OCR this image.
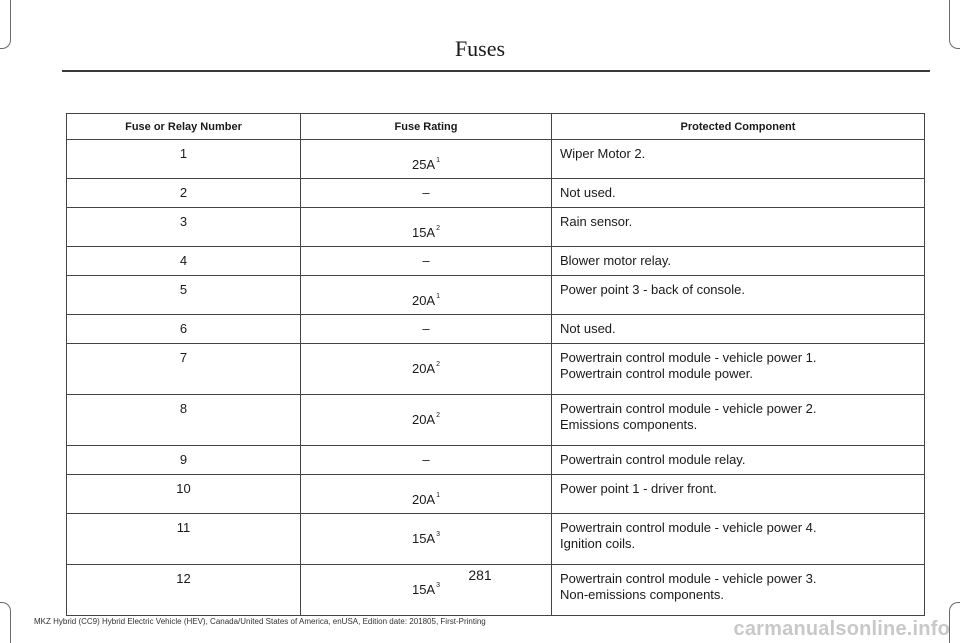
Fuses
Fuse or Relay Number	Fuse Rating	Protected Component
1	$25A^1$	Wiper Motor 2.

2	–	Not used.

3	$15A^2$	Rain sensor.

4	–	Blower motor relay.

5	$20A^1$	Power point 3 - back of console.

6	–	Not used.

7	$20A^2$	Powertrain control module - vehicle power 1.
Powertrain control module power.

8	$20A^2$	Powertrain control module - vehicle power 2.
Emissions components.

9	–	Powertrain control module relay.

10	$20A^1$	Power point 1 - driver front.

11	$15A^3$	Powertrain control module - vehicle power 4.
Ignition coils.

12	$15A^3$	Powertrain control module - vehicle power 3.
Non-emissions components.
281
MKZ Hybrid (CC9) Hybrid Electric Vehicle (HEV), Canada/United States of America, enUSA, Edition date: 201805, First-Printing	carmanualsonline.info
